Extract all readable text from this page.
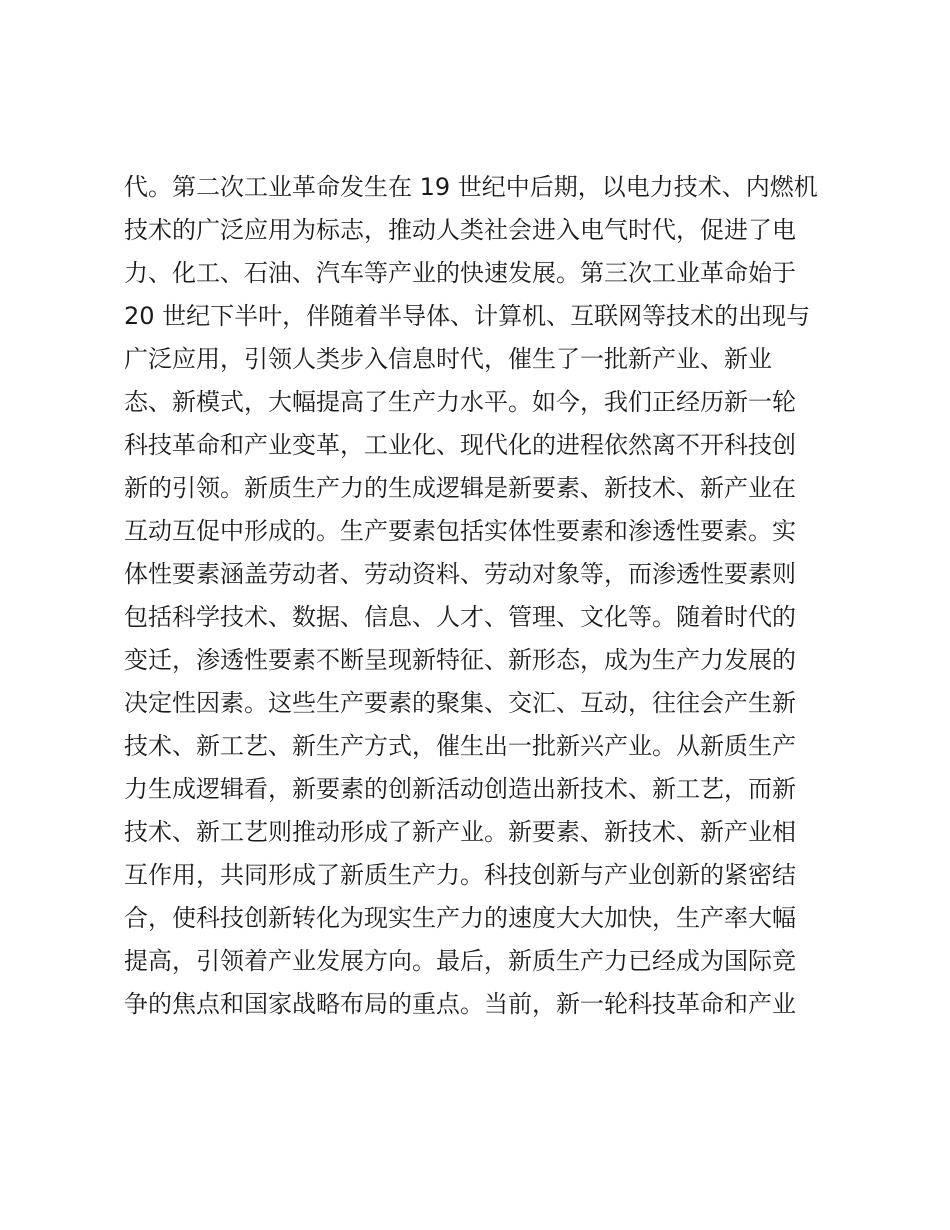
代。第二次工业革命发生在 19 世纪中后期，以电力技术、内燃机
技术的广泛应用为标志，推动人类社会进入电气时代，促进了电
力、化工、石油、汽车等产业的快速发展。第三次工业革命始于
20 世纪下半叶，伴随着半导体、计算机、互联网等技术的出现与
广泛应用，引领人类步入信息时代，催生了一批新产业、新业
态、新模式，大幅提高了生产力水平。如今，我们正经历新一轮
科技革命和产业变革，工业化、现代化的进程依然离不开科技创
新的引领。新质生产力的生成逻辑是新要素、新技术、新产业在
互动互促中形成的。生产要素包括实体性要素和渗透性要素。实
体性要素涵盖劳动者、劳动资料、劳动对象等，而渗透性要素则
包括科学技术、数据、信息、人才、管理、文化等。随着时代的
变迁，渗透性要素不断呈现新特征、新形态，成为生产力发展的
决定性因素。这些生产要素的聚集、交汇、互动，往往会产生新
技术、新工艺、新生产方式，催生出一批新兴产业。从新质生产
力生成逻辑看，新要素的创新活动创造出新技术、新工艺，而新
技术、新工艺则推动形成了新产业。新要素、新技术、新产业相
互作用，共同形成了新质生产力。科技创新与产业创新的紧密结
合，使科技创新转化为现实生产力的速度大大加快，生产率大幅
提高，引领着产业发展方向。最后，新质生产力已经成为国际竞
争的焦点和国家战略布局的重点。当前，新一轮科技革命和产业
